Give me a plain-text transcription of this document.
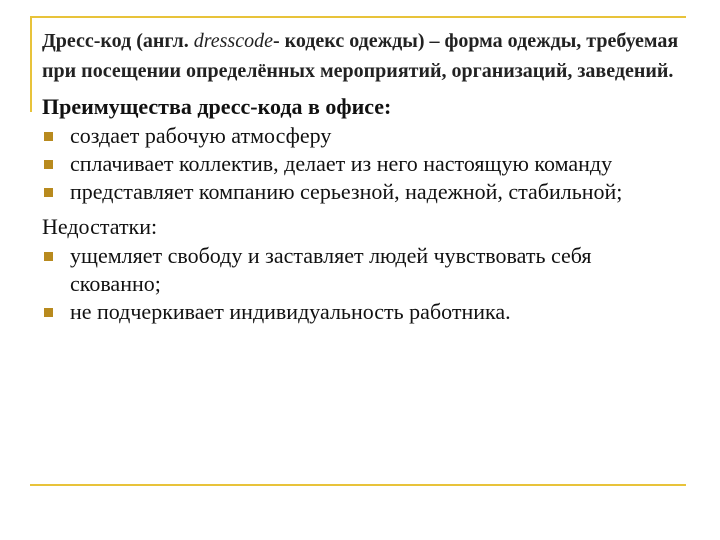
Дресс-код (англ. dresscode- кодекс одежды) – форма одежды, требуемая при посещении определённых мероприятий, организаций, заведений.

Преимущества дресс-кода в офисе:

создает рабочую атмосферу
сплачивает коллектив, делает из него настоящую команду
представляет компанию серьезной, надежной, стабильной;

Недостатки:

ущемляет свободу и заставляет людей чувствовать себя скованно;
не подчеркивает индивидуальность работника.
